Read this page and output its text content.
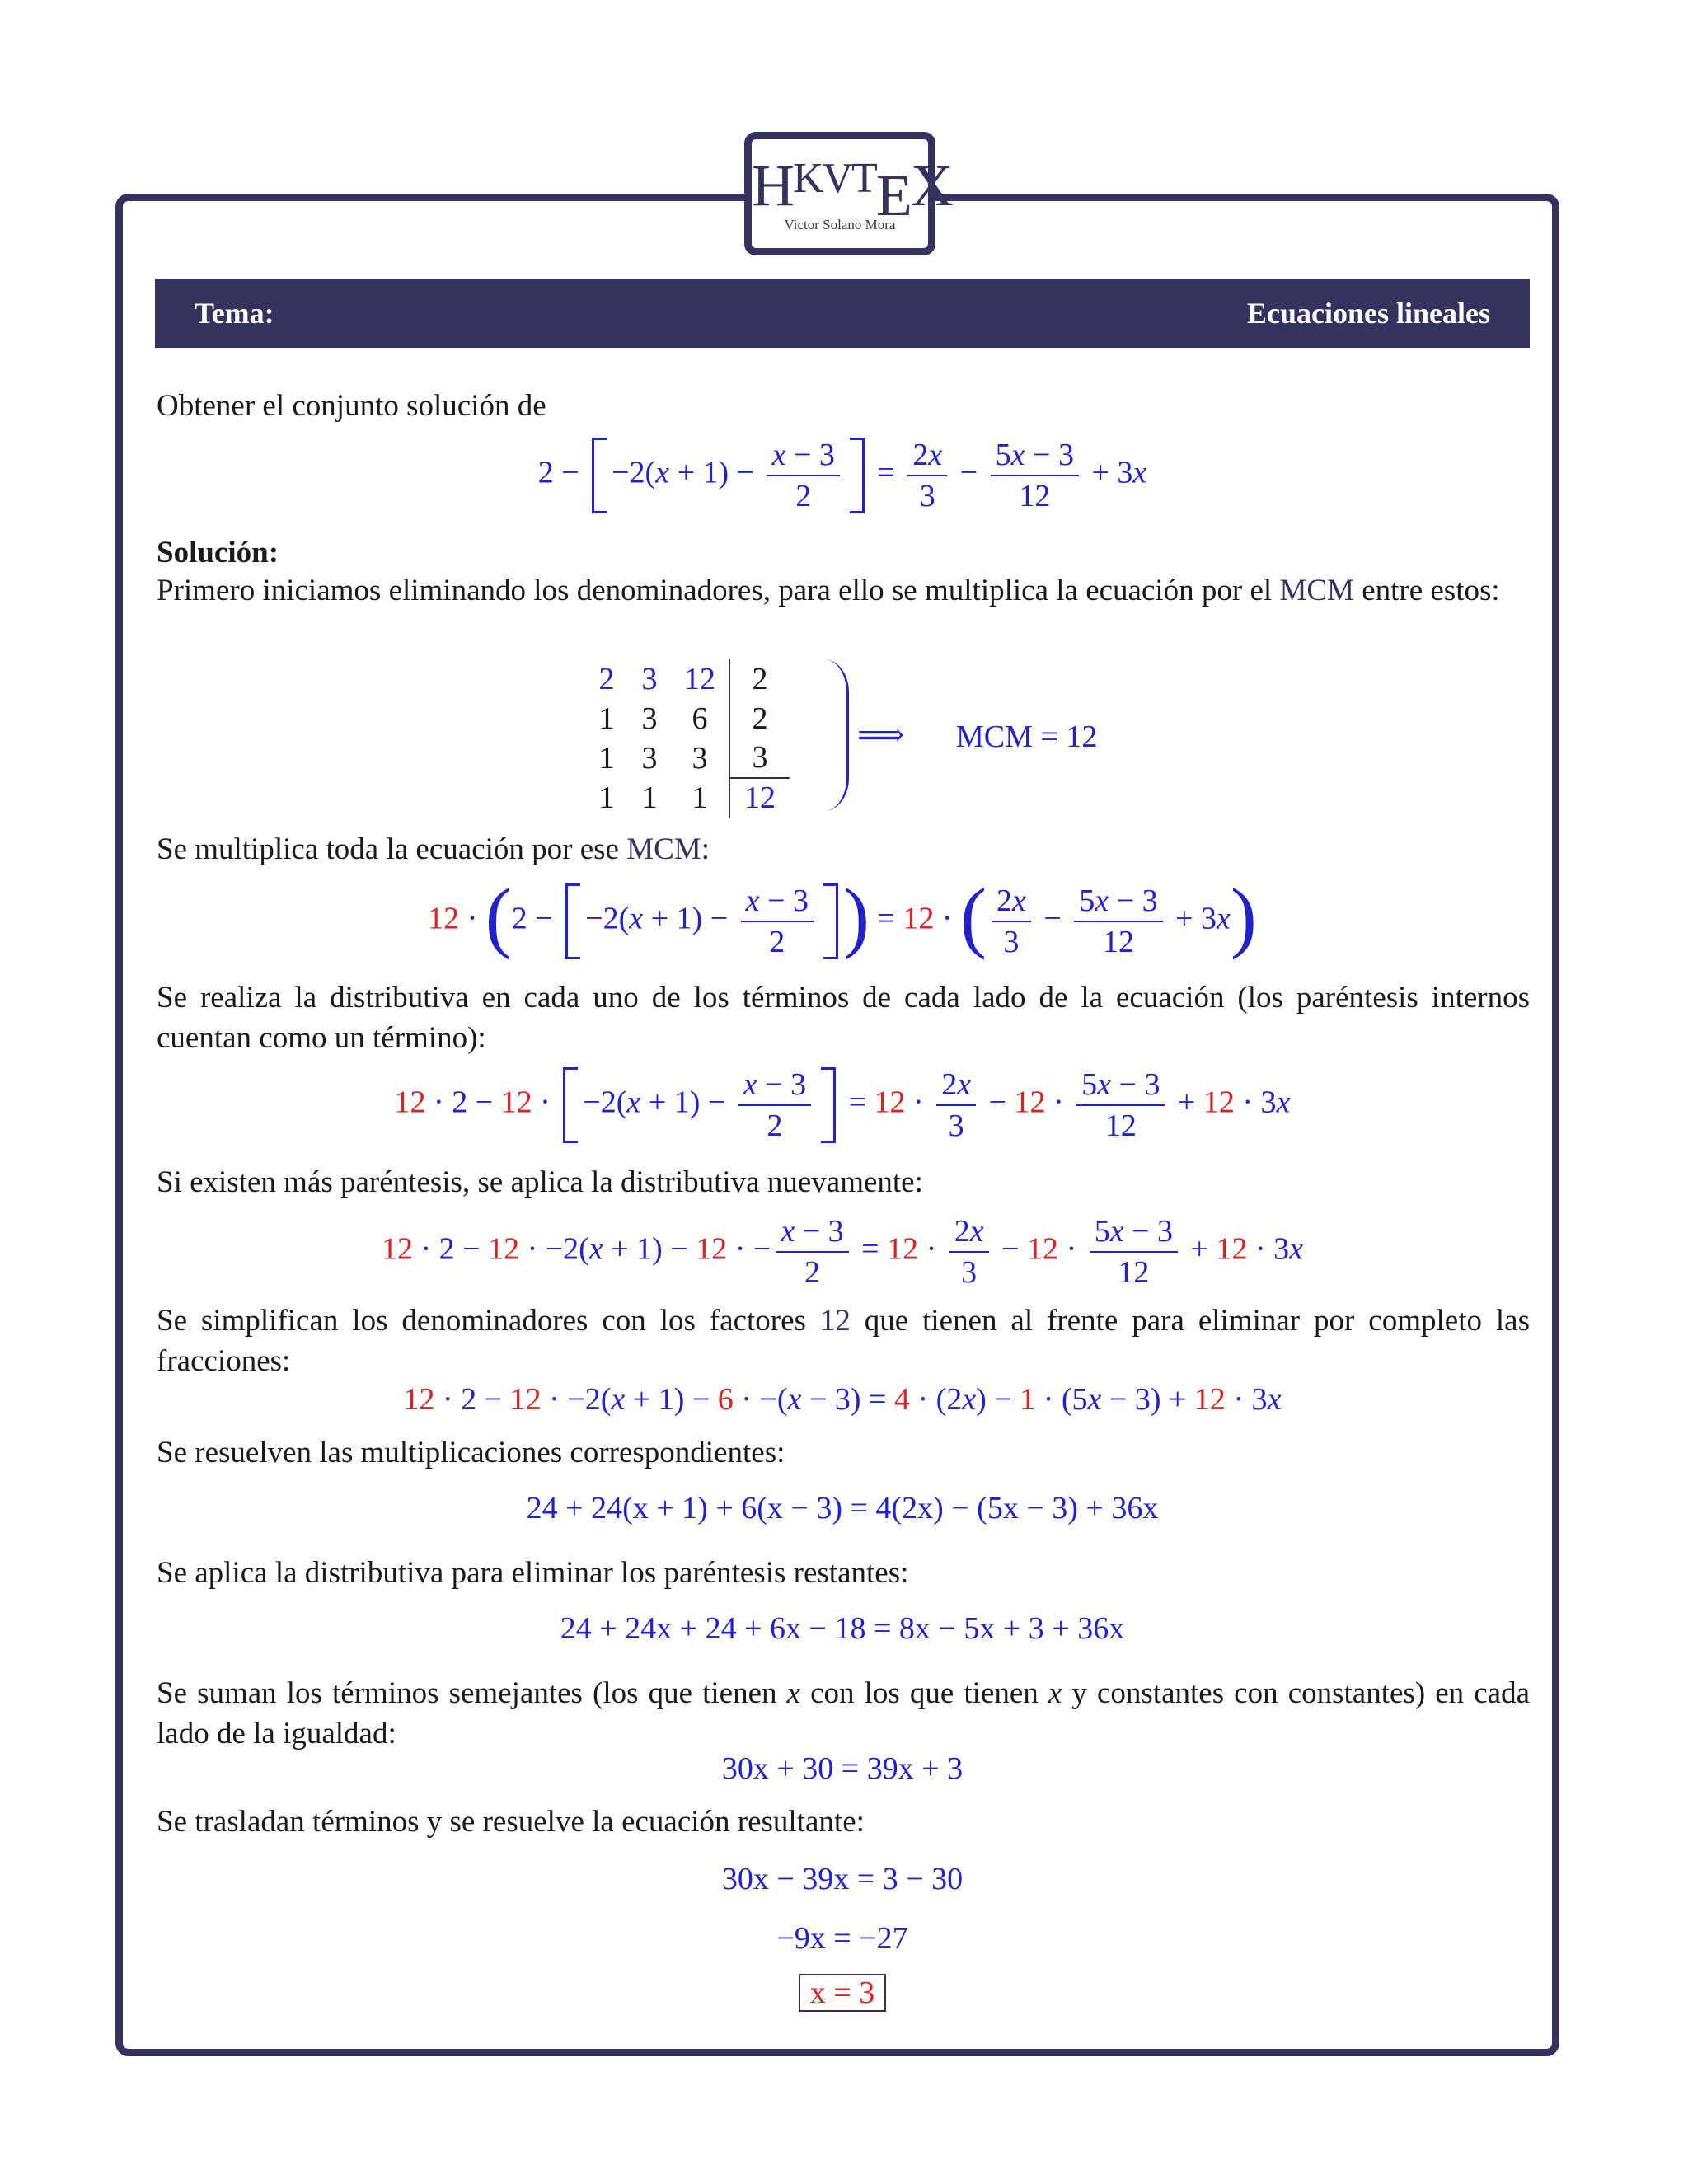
$H^{KVT}EX$
Victor Solano Mora
Tema:	Ecuaciones lineales
Obtener el conjunto solución de
$2 - -2(x + 1) - \frac{x - 3}{2} = \frac{2x}{3} - \frac{5x - 3}{12} + 3x$
Solución:
Primero iniciamos eliminando los denominadores, para ello se multiplica la ecuación por el MCM entre estos:
2 3 12	2
1 3	6	2
1 3	3	3
1 1	1	12
⟹ MCM = 12
Se multiplica toda la ecuación por ese MCM:
$12 \cdot (2 - -2(x + 1) - \frac{x - 3}{2}$ ) = 12 · ( $\frac{2x}{3} - \frac{5x - 3}{12} + 3x$)
Se realiza la distributiva en cada uno de los términos de cada lado de la ecuación (los paréntesis internos cuentan como un término):
$12 \cdot 2 - 12 \cdot -2(x + 1) - \frac{x - 3}{2} = 12 \cdot \frac{2x}{3} - 12 \cdot \frac{5x - 3}{12} + 12 \cdot 3x$
Si existen más paréntesis, se aplica la distributiva nuevamente:
12 · 2 − 12 · −2(x + 1) − 12 · − $\frac{x - 3}{2} = 12 \cdot \frac{2x}{3} - 12 \cdot \frac{5x - 3}{12} + 12 \cdot 3x$
Se simplifican los denominadores con los factores 12 que tienen al frente para eliminar por completo las fracciones:
12 · 2 − 12 · −2(x + 1) − 6 · −(x − 3) = 4 · (2x) − 1 · (5x − 3) + 12 · 3x
Se resuelven las multiplicaciones correspondientes:
24 + 24(x + 1) + 6(x − 3) = 4(2x) − (5x − 3) + 36x
Se aplica la distributiva para eliminar los paréntesis restantes:
24 + 24x + 24 + 6x − 18 = 8x − 5x + 3 + 36x
Se suman los términos semejantes (los que tienen x con los que tienen x y constantes con constantes) en cada lado de la igualdad:
30x + 30 = 39x + 3
Se trasladan términos y se resuelve la ecuación resultante:
30x − 39x = 3 − 30
−9x = −27
x = 3
